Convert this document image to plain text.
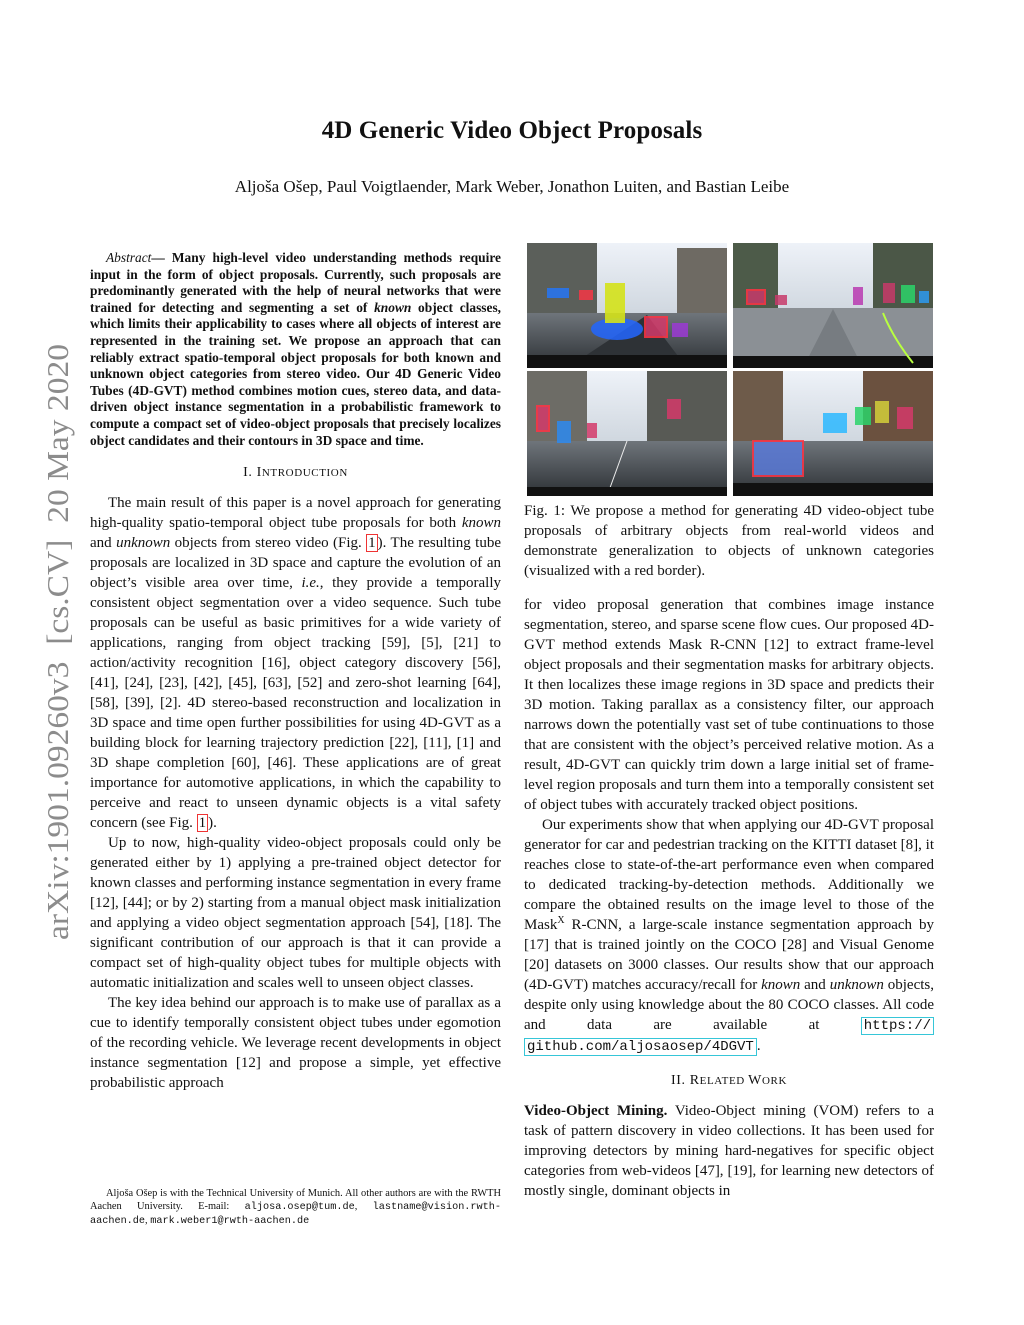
arXiv:1901.09260v3  [cs.CV]  20 May 2020
4D Generic Video Object Proposals
Aljoša Ošep, Paul Voigtlaender, Mark Weber, Jonathon Luiten, and Bastian Leibe

Abstract— Many high-level video understanding methods require input in the form of object proposals. Currently, such proposals are predominantly generated with the help of neural networks that were trained for detecting and segmenting a set of known object classes, which limits their applicability to cases where all objects of interest are represented in the training set. We propose an approach that can reliably extract spatio-temporal object proposals for both known and unknown object categories from stereo video. Our 4D Generic Video Tubes (4D-GVT) method combines motion cues, stereo data, and data-driven object instance segmentation in a probabilistic framework to compute a compact set of video-object proposals that precisely localizes object candidates and their contours in 3D space and time.

I. INTRODUCTION

The main result of this paper is a novel approach for generating high-quality spatio-temporal object tube proposals for both known and unknown objects from stereo video (Fig. 1 ). The resulting tube proposals are localized in 3D space and capture the evolution of an object’s visible area over time, i.e., they provide a temporally consistent object segmentation over a video sequence. Such tube proposals can be useful as basic primitives for a wide variety of applications, ranging from object tracking [59], [5], [21] to action/activity recognition [16], object category discovery [56], [41], [24], [23], [42], [45], [63], [52] and zero-shot learning [64], [58], [39], [2]. 4D stereo-based reconstruction and localization in 3D space and time open further possibilities for using 4D-GVT as a building block for learning trajectory prediction [22], [11], [1] and 3D shape completion [60], [46]. These applications are of great importance for automotive applications, in which the capability to perceive and react to unseen dynamic objects is a vital safety concern (see Fig. 1 ).

Up to now, high-quality video-object proposals could only be generated either by 1) applying a pre-trained object detector for known classes and performing instance segmentation in every frame [12], [44]; or by 2) starting from a manual object mask initialization and applying a video object segmentation approach [54], [18]. The significant contribution of our approach is that it can provide a compact set of high-quality object tubes for multiple objects with automatic initialization and scales well to unseen object classes.

The key idea behind our approach is to make use of parallax as a cue to identify temporally consistent object tubes under egomotion of the recording vehicle. We leverage recent developments in object instance segmentation [12] and propose a simple, yet effective probabilistic approach

Aljoša Ošep is with the Technical University of Munich. All other authors are with the RWTH Aachen University. E-mail: aljosa.osep@tum.de, lastname@vision.rwth-aachen.de, mark.weber1@rwth-aachen.de
Fig. 1: We propose a method for generating 4D video-object tube proposals of arbitrary objects from real-world videos and demonstrate generalization to objects of unknown categories (visualized with a red border).

for video proposal generation that combines image instance segmentation, stereo, and sparse scene flow cues. Our proposed 4D-GVT method extends Mask R-CNN [12] to extract frame-level object proposals and their segmentation masks for arbitrary objects. It then localizes these image regions in 3D space and predicts their 3D motion. Taking parallax as a consistency filter, our approach narrows down the potentially vast set of tube continuations to those that are consistent with the object’s perceived relative motion. As a result, 4D-GVT can quickly trim down a large initial set of frame-level region proposals and turn them into a temporally consistent set of object tubes with accurately tracked object positions.

Our experiments show that when applying our 4D-GVT proposal generator for car and pedestrian tracking on the KITTI dataset [8], it reaches close to state-of-the-art performance even when compared to dedicated tracking-by-detection methods. Additionally we compare the obtained results on the image level to those of the Mask$^X$ R-CNN, a large-scale instance segmentation approach by [17] that is trained jointly on the COCO [28] and Visual Genome [20] datasets on 3000 classes. Our results show that our approach (4D-GVT) matches accuracy/recall for known and unknown objects, despite only using knowledge about the 80 COCO classes. All code and data are available at https:// github.com/aljosaosep/4DGVT .

II. RELATED WORK

Video-Object Mining. Video-Object mining (VOM) refers to a task of pattern discovery in video collections. It has been used for improving detectors by mining hard-negatives for specific object categories from web-videos [47], [19], for learning new detectors of mostly single, dominant objects in
